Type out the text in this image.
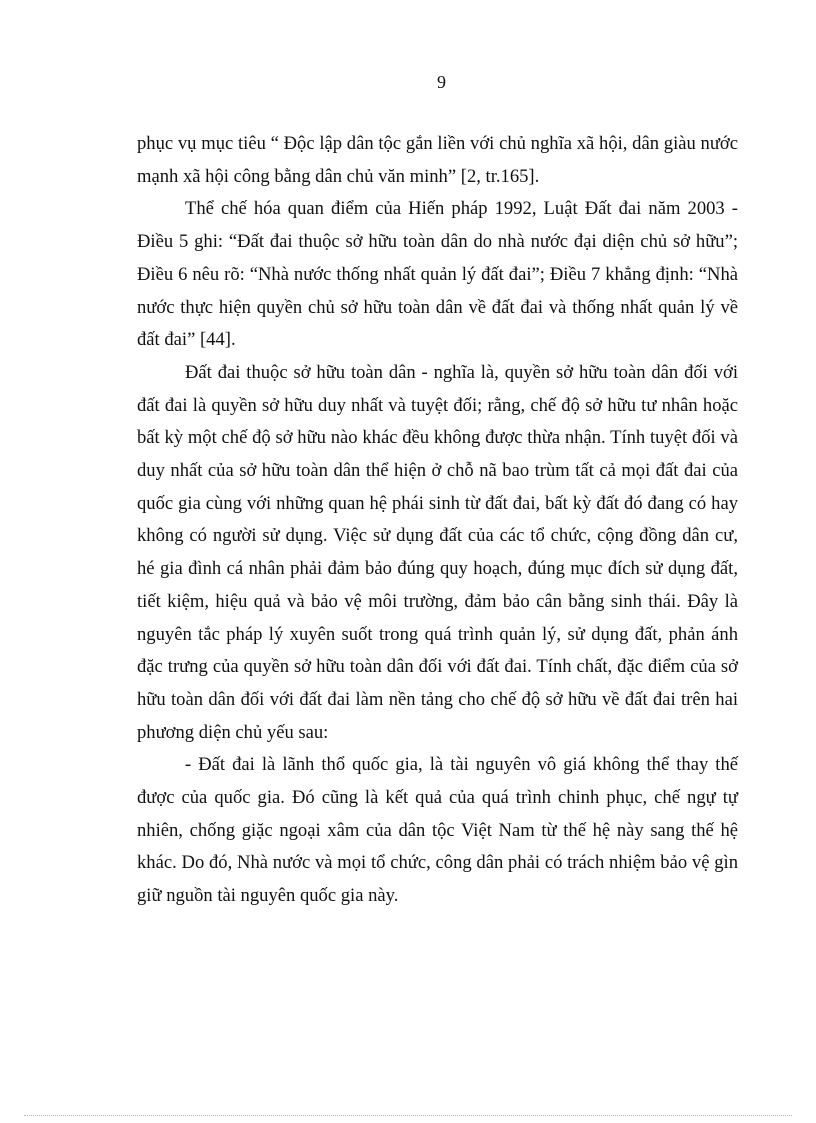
9

phục vụ mục tiêu “ Độc lập dân tộc gắn liền với chủ nghĩa xã hội, dân giàu nước mạnh xã hội công bằng dân chủ văn minh” [2, tr.165].

Thể chế hóa quan điểm của Hiến pháp 1992, Luật Đất đai năm 2003 - Điều 5 ghi: “Đất đai thuộc sở hữu toàn dân do nhà nước đại diện chủ sở hữu”; Điều 6 nêu rõ: “Nhà nước thống nhất quản lý đất đai”; Điều 7 khẳng định: “Nhà nước thực hiện quyền chủ sở hữu toàn dân về đất đai và thống nhất quản lý về đất đai” [44].

Đất đai thuộc sở hữu toàn dân - nghĩa là, quyền sở hữu toàn dân đối với đất đai là quyền sở hữu duy nhất và tuyệt đối; rằng, chế độ sở hữu tư nhân hoặc bất kỳ một chế độ sở hữu nào khác đều không được thừa nhận. Tính tuyệt đối và duy nhất của sở hữu toàn dân thể hiện ở chỗ nã bao trùm tất cả mọi đất đai của quốc gia cùng với những quan hệ phái sinh từ đất đai, bất kỳ đất đó đang có hay không có người sử dụng. Việc sử dụng đất của các tổ chức, cộng đồng dân cư, hé gia đình cá nhân phải đảm bảo đúng quy hoạch, đúng mục đích sử dụng đất, tiết kiệm, hiệu quả và bảo vệ môi trường, đảm bảo cân bằng sinh thái. Đây là nguyên tắc pháp lý xuyên suốt trong quá trình quản lý, sử dụng đất, phản ánh đặc trưng của quyền sở hữu toàn dân đối với đất đai. Tính chất, đặc điểm của sở hữu toàn dân đối với đất đai làm nền tảng cho chế độ sở hữu về đất đai trên hai phương diện chủ yếu sau:

- Đất đai là lãnh thổ quốc gia, là tài nguyên vô giá không thể thay thế được của quốc gia. Đó cũng là kết quả của quá trình chinh phục, chế ngự tự nhiên, chống giặc ngoại xâm của dân tộc Việt Nam từ thế hệ này sang thế hệ khác. Do đó, Nhà nước và mọi tổ chức, công dân phải có trách nhiệm bảo vệ gìn giữ nguồn tài nguyên quốc gia này.
